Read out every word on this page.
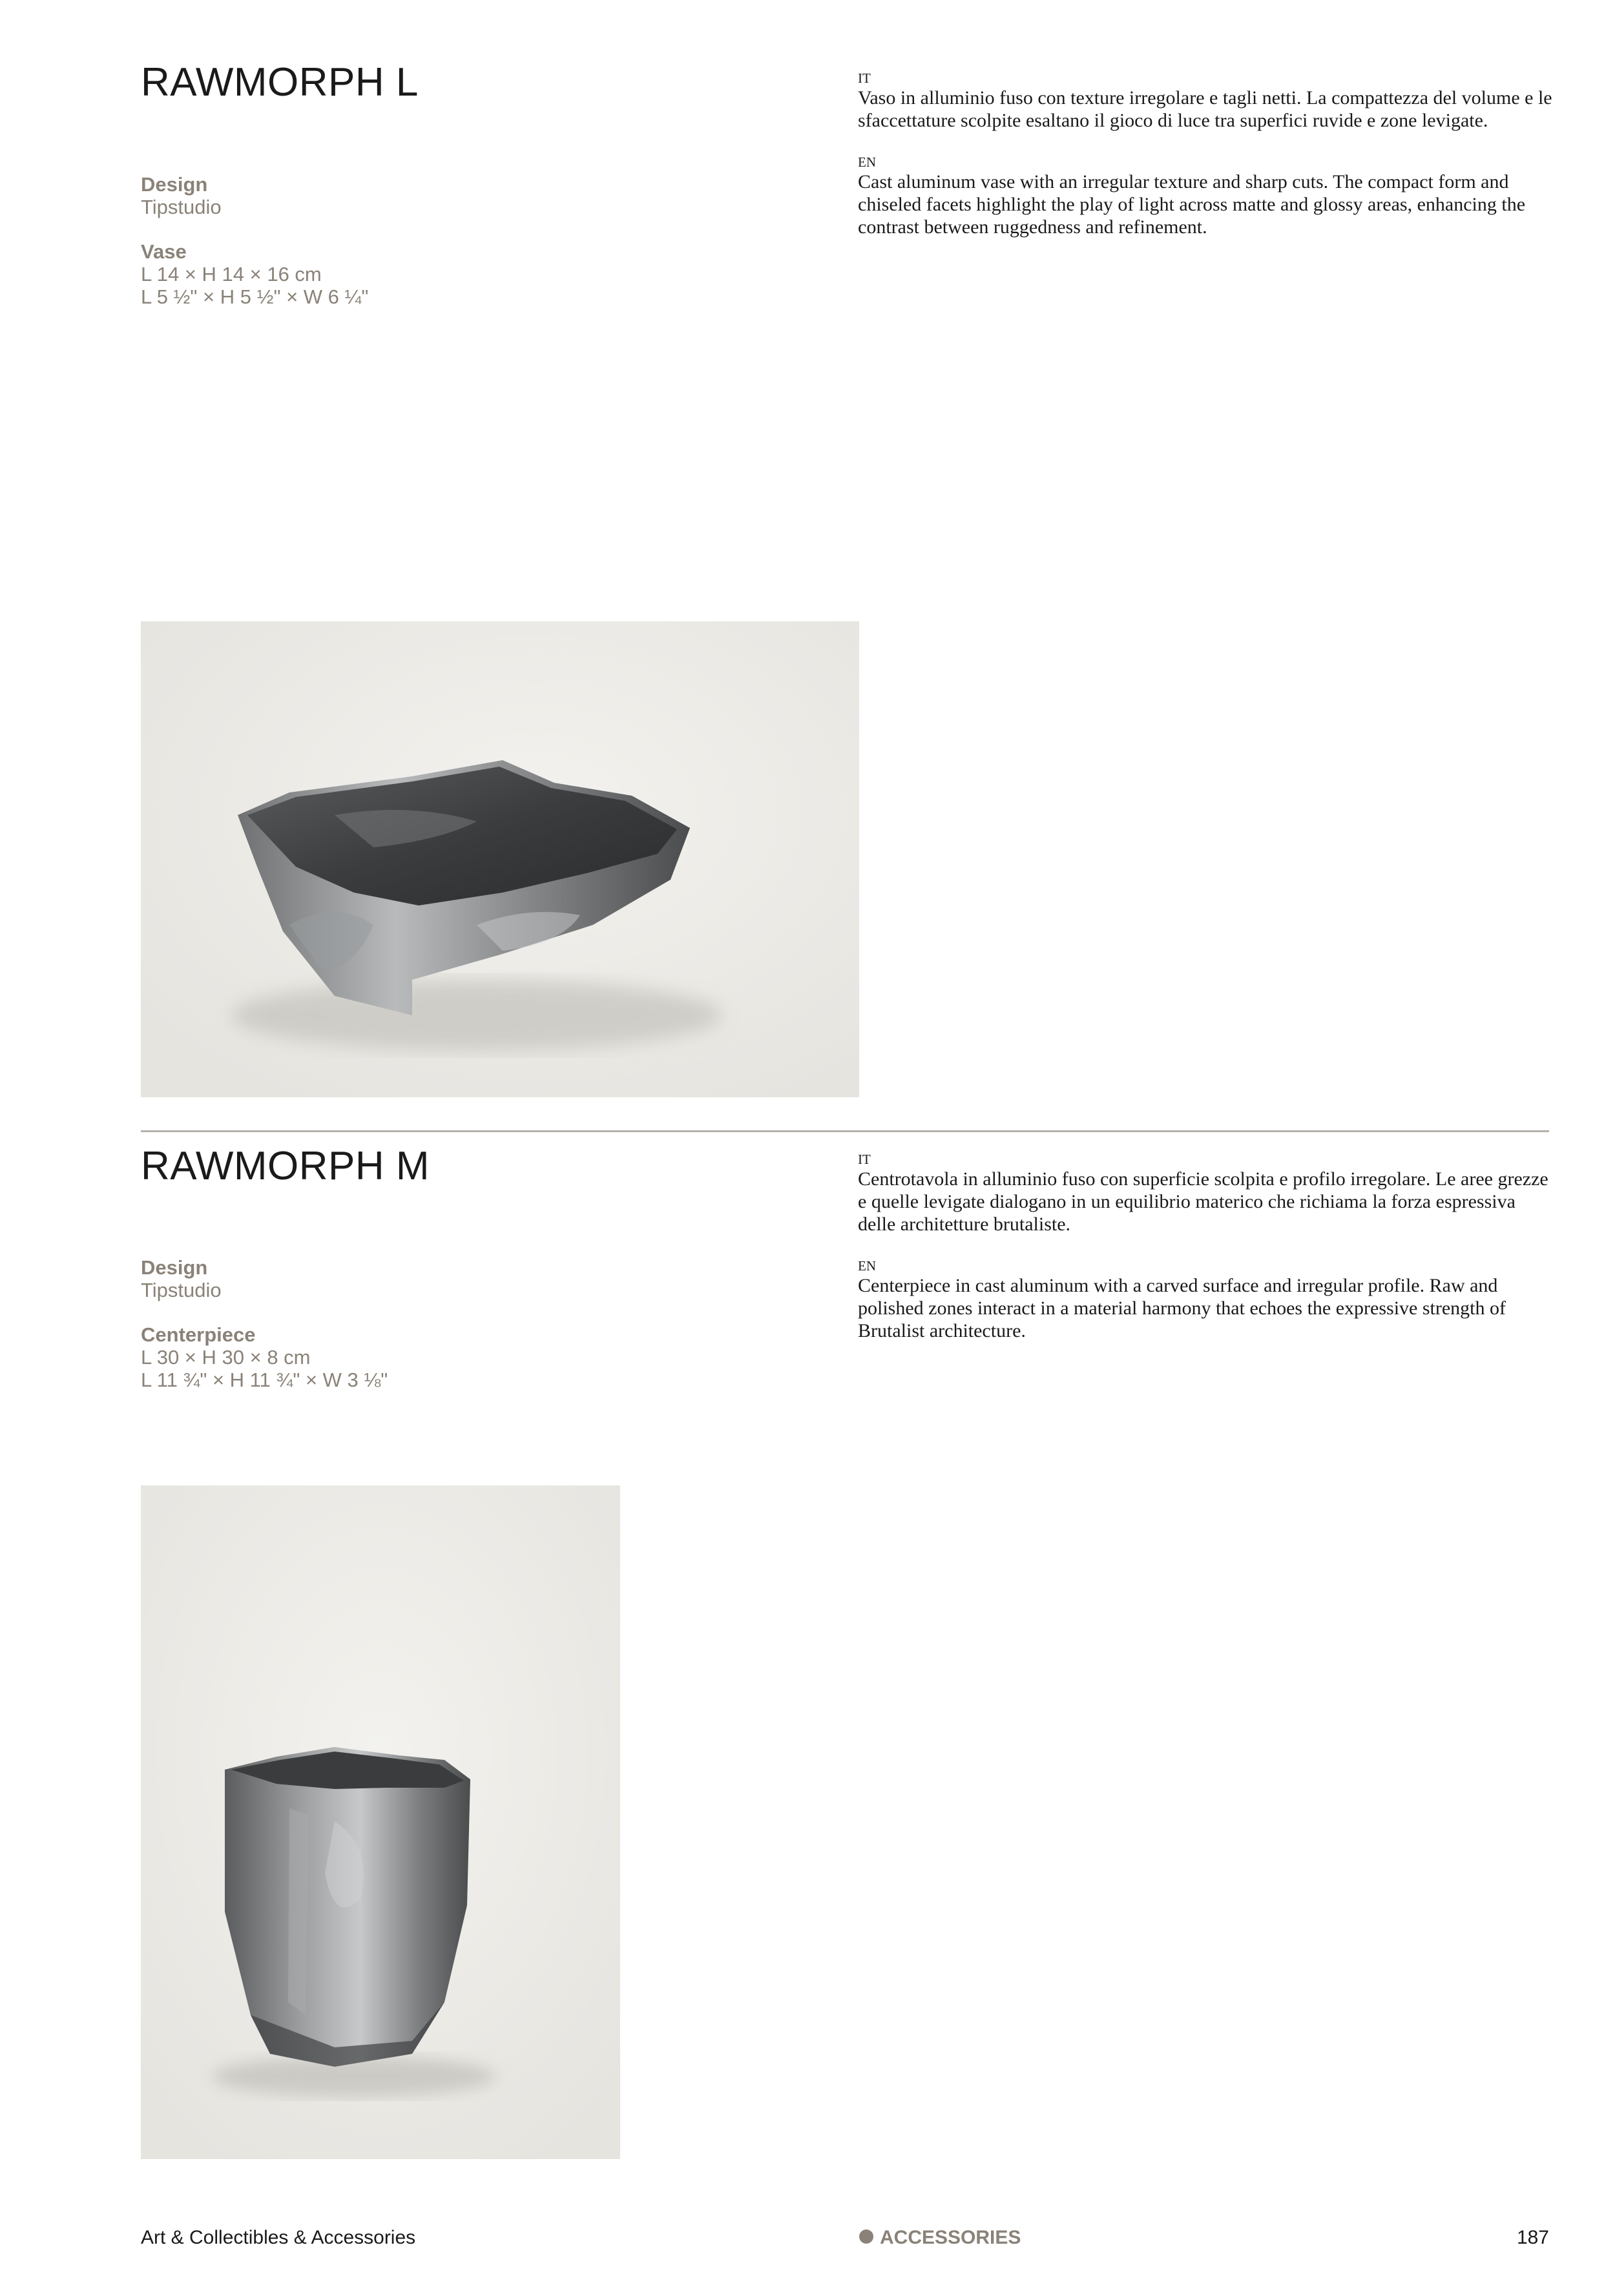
RAWMORPH L
Design
Tipstudio
Vase
L 14 × H 14 × 16 cm
L 5 ½" × H 5 ½" × W 6 ¼"
IT
Vaso in alluminio fuso con texture irregolare e tagli netti. La compattezza del volume e le sfaccettature scolpite esaltano il gioco di luce tra superfici ruvide e zone levigate.
EN
Cast aluminum vase with an irregular texture and sharp cuts. The compact form and chiseled facets highlight the play of light across matte and glossy areas, enhancing the contrast between ruggedness and refinement.
RAWMORPH M
Design
Tipstudio
Centerpiece
L 30 × H 30 × 8 cm
L 11 ¾" × H 11 ¾" × W 3 ⅛"
IT
Centrotavola in alluminio fuso con superficie scolpita e profilo irregolare. Le aree grezze e quelle levigate dialogano in un equilibrio materico che richiama la forza espressiva delle architetture brutaliste.
EN
Centerpiece in cast aluminum with a carved surface and irregular profile. Raw and polished zones interact in a material harmony that echoes the expressive strength of Brutalist architecture.
Art & Collectibles & Accessories	ACCESSORIES	187
